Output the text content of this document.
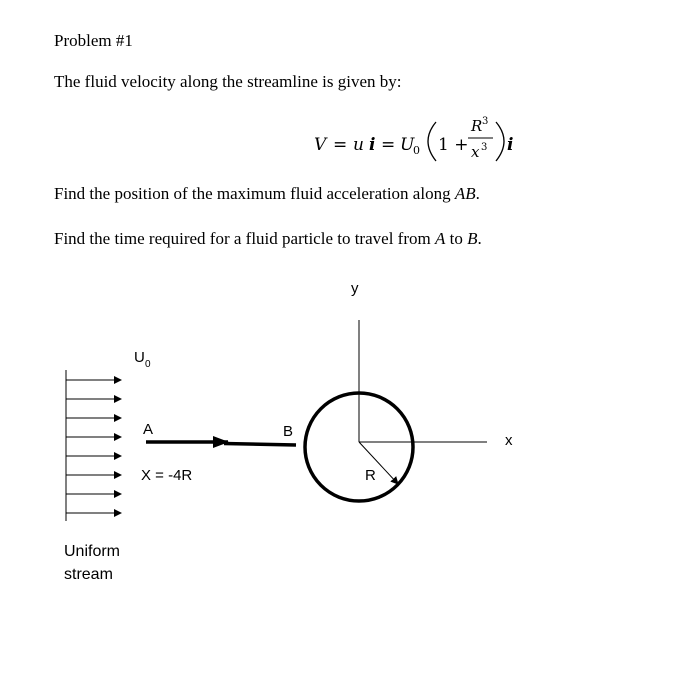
Problem #1
The fluid velocity along the streamline is given by:
V = u i = U
0 1 +
R 3
x 3 i
Find the position of the maximum fluid acceleration along AB.
Find the time required for a fluid particle to travel from A to B.
U 0
A	B
X = -4R
y
x
R
Uniform
stream
